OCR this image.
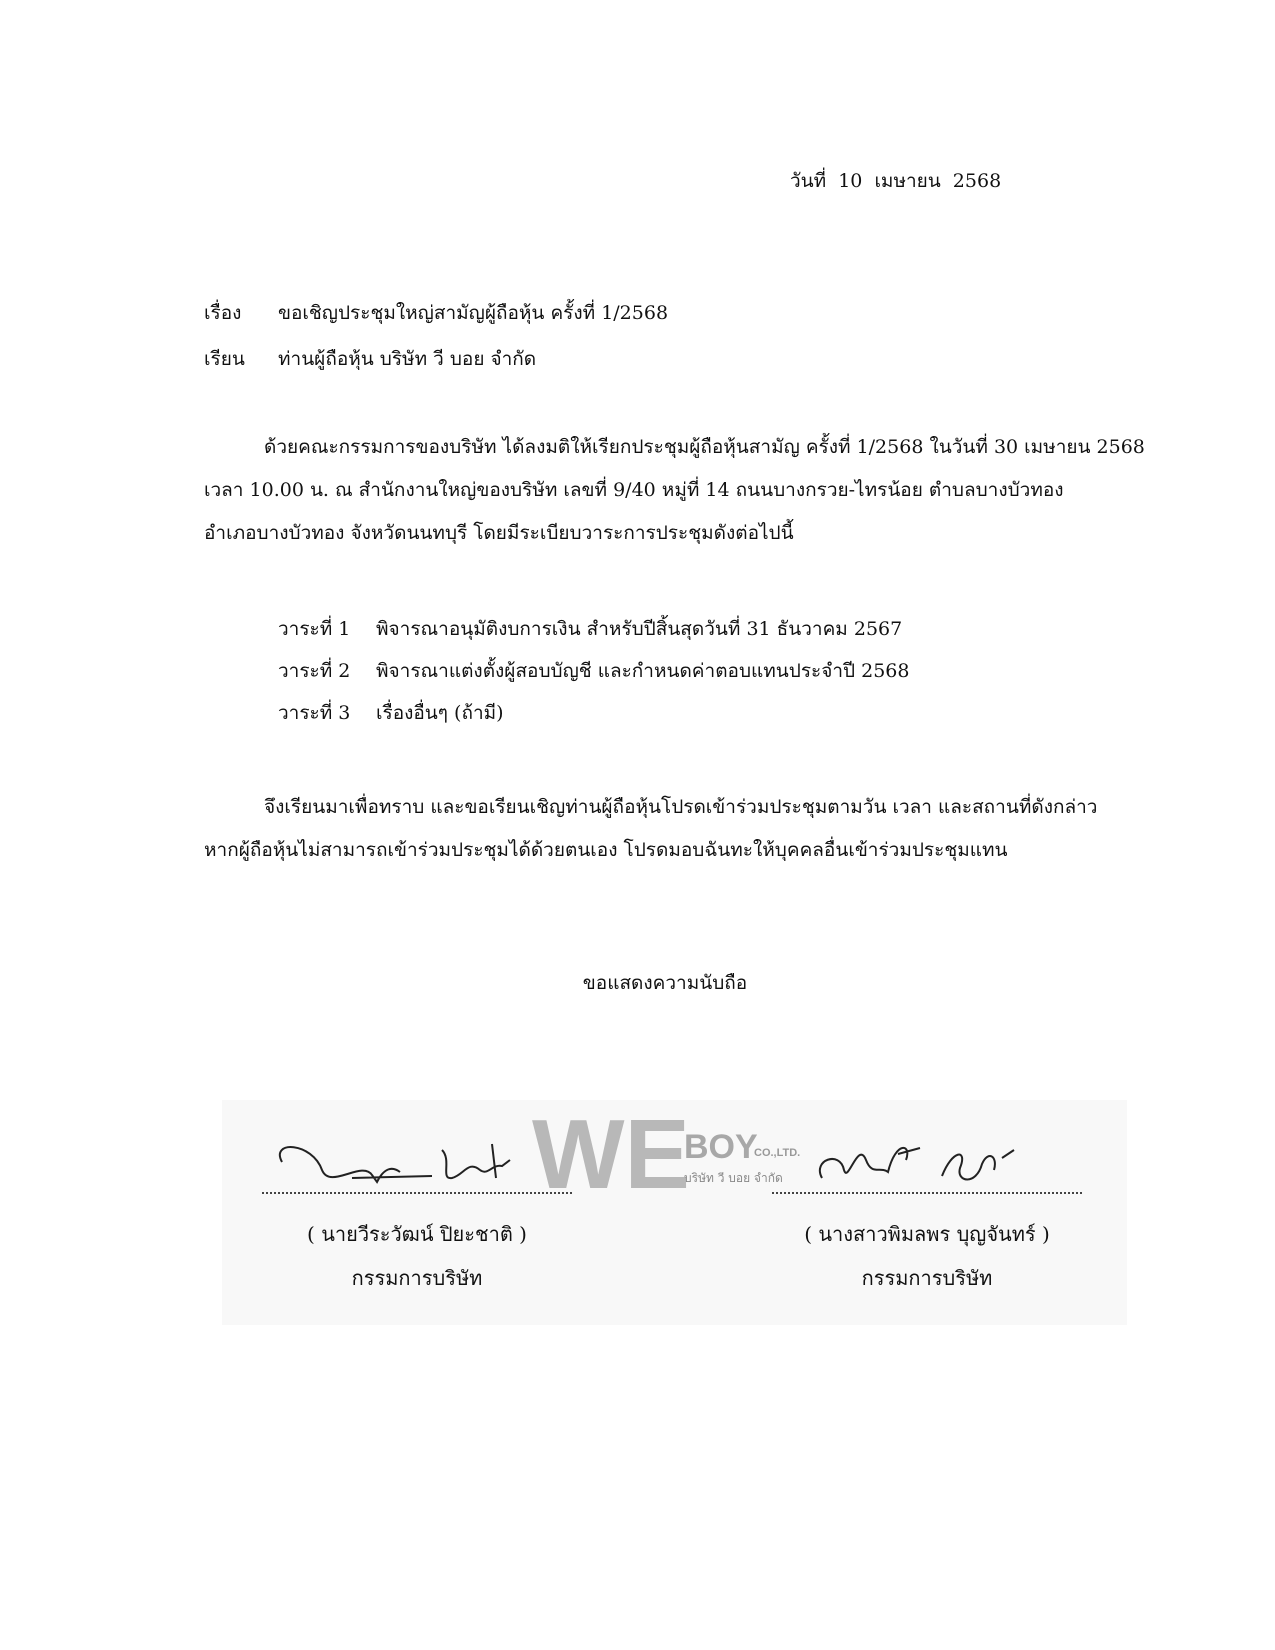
วันที่ 10 เมษายน 2568
เรื่อง ขอเชิญประชุมใหญ่สามัญผู้ถือหุ้น ครั้งที่ 1/2568
เรียน ท่านผู้ถือหุ้น บริษัท วี บอย จำกัด
ด้วยคณะกรรมการของบริษัท ได้ลงมติให้เรียกประชุมผู้ถือหุ้นสามัญ ครั้งที่ 1/2568 ในวันที่ 30 เมษายน 2568
เวลา 10.00 น. ณ สำนักงานใหญ่ของบริษัท เลขที่ 9/40 หมู่ที่ 14 ถนนบางกรวย-ไทรน้อย ตำบลบางบัวทอง
อำเภอบางบัวทอง จังหวัดนนทบุรี โดยมีระเบียบวาระการประชุมดังต่อไปนี้
วาระที่ 1 พิจารณาอนุมัติงบการเงิน สำหรับปีสิ้นสุดวันที่ 31 ธันวาคม 2567
วาระที่ 2 พิจารณาแต่งตั้งผู้สอบบัญชี และกำหนดค่าตอบแทนประจำปี 2568
วาระที่ 3 เรื่องอื่นๆ (ถ้ามี)
จึงเรียนมาเพื่อทราบ และขอเรียนเชิญท่านผู้ถือหุ้นโปรดเข้าร่วมประชุมตามวัน เวลา และสถานที่ดังกล่าว
หากผู้ถือหุ้นไม่สามารถเข้าร่วมประชุมได้ด้วยตนเอง โปรดมอบฉันทะให้บุคคลอื่นเข้าร่วมประชุมแทน
ขอแสดงความนับถือ
WE
BOY
CO.,LTD.
บริษัท วี บอย จำกัด
( นายวีระวัฒน์ ปิยะชาติ )
กรรมการบริษัท
( นางสาวพิมลพร บุญจันทร์ )
กรรมการบริษัท
